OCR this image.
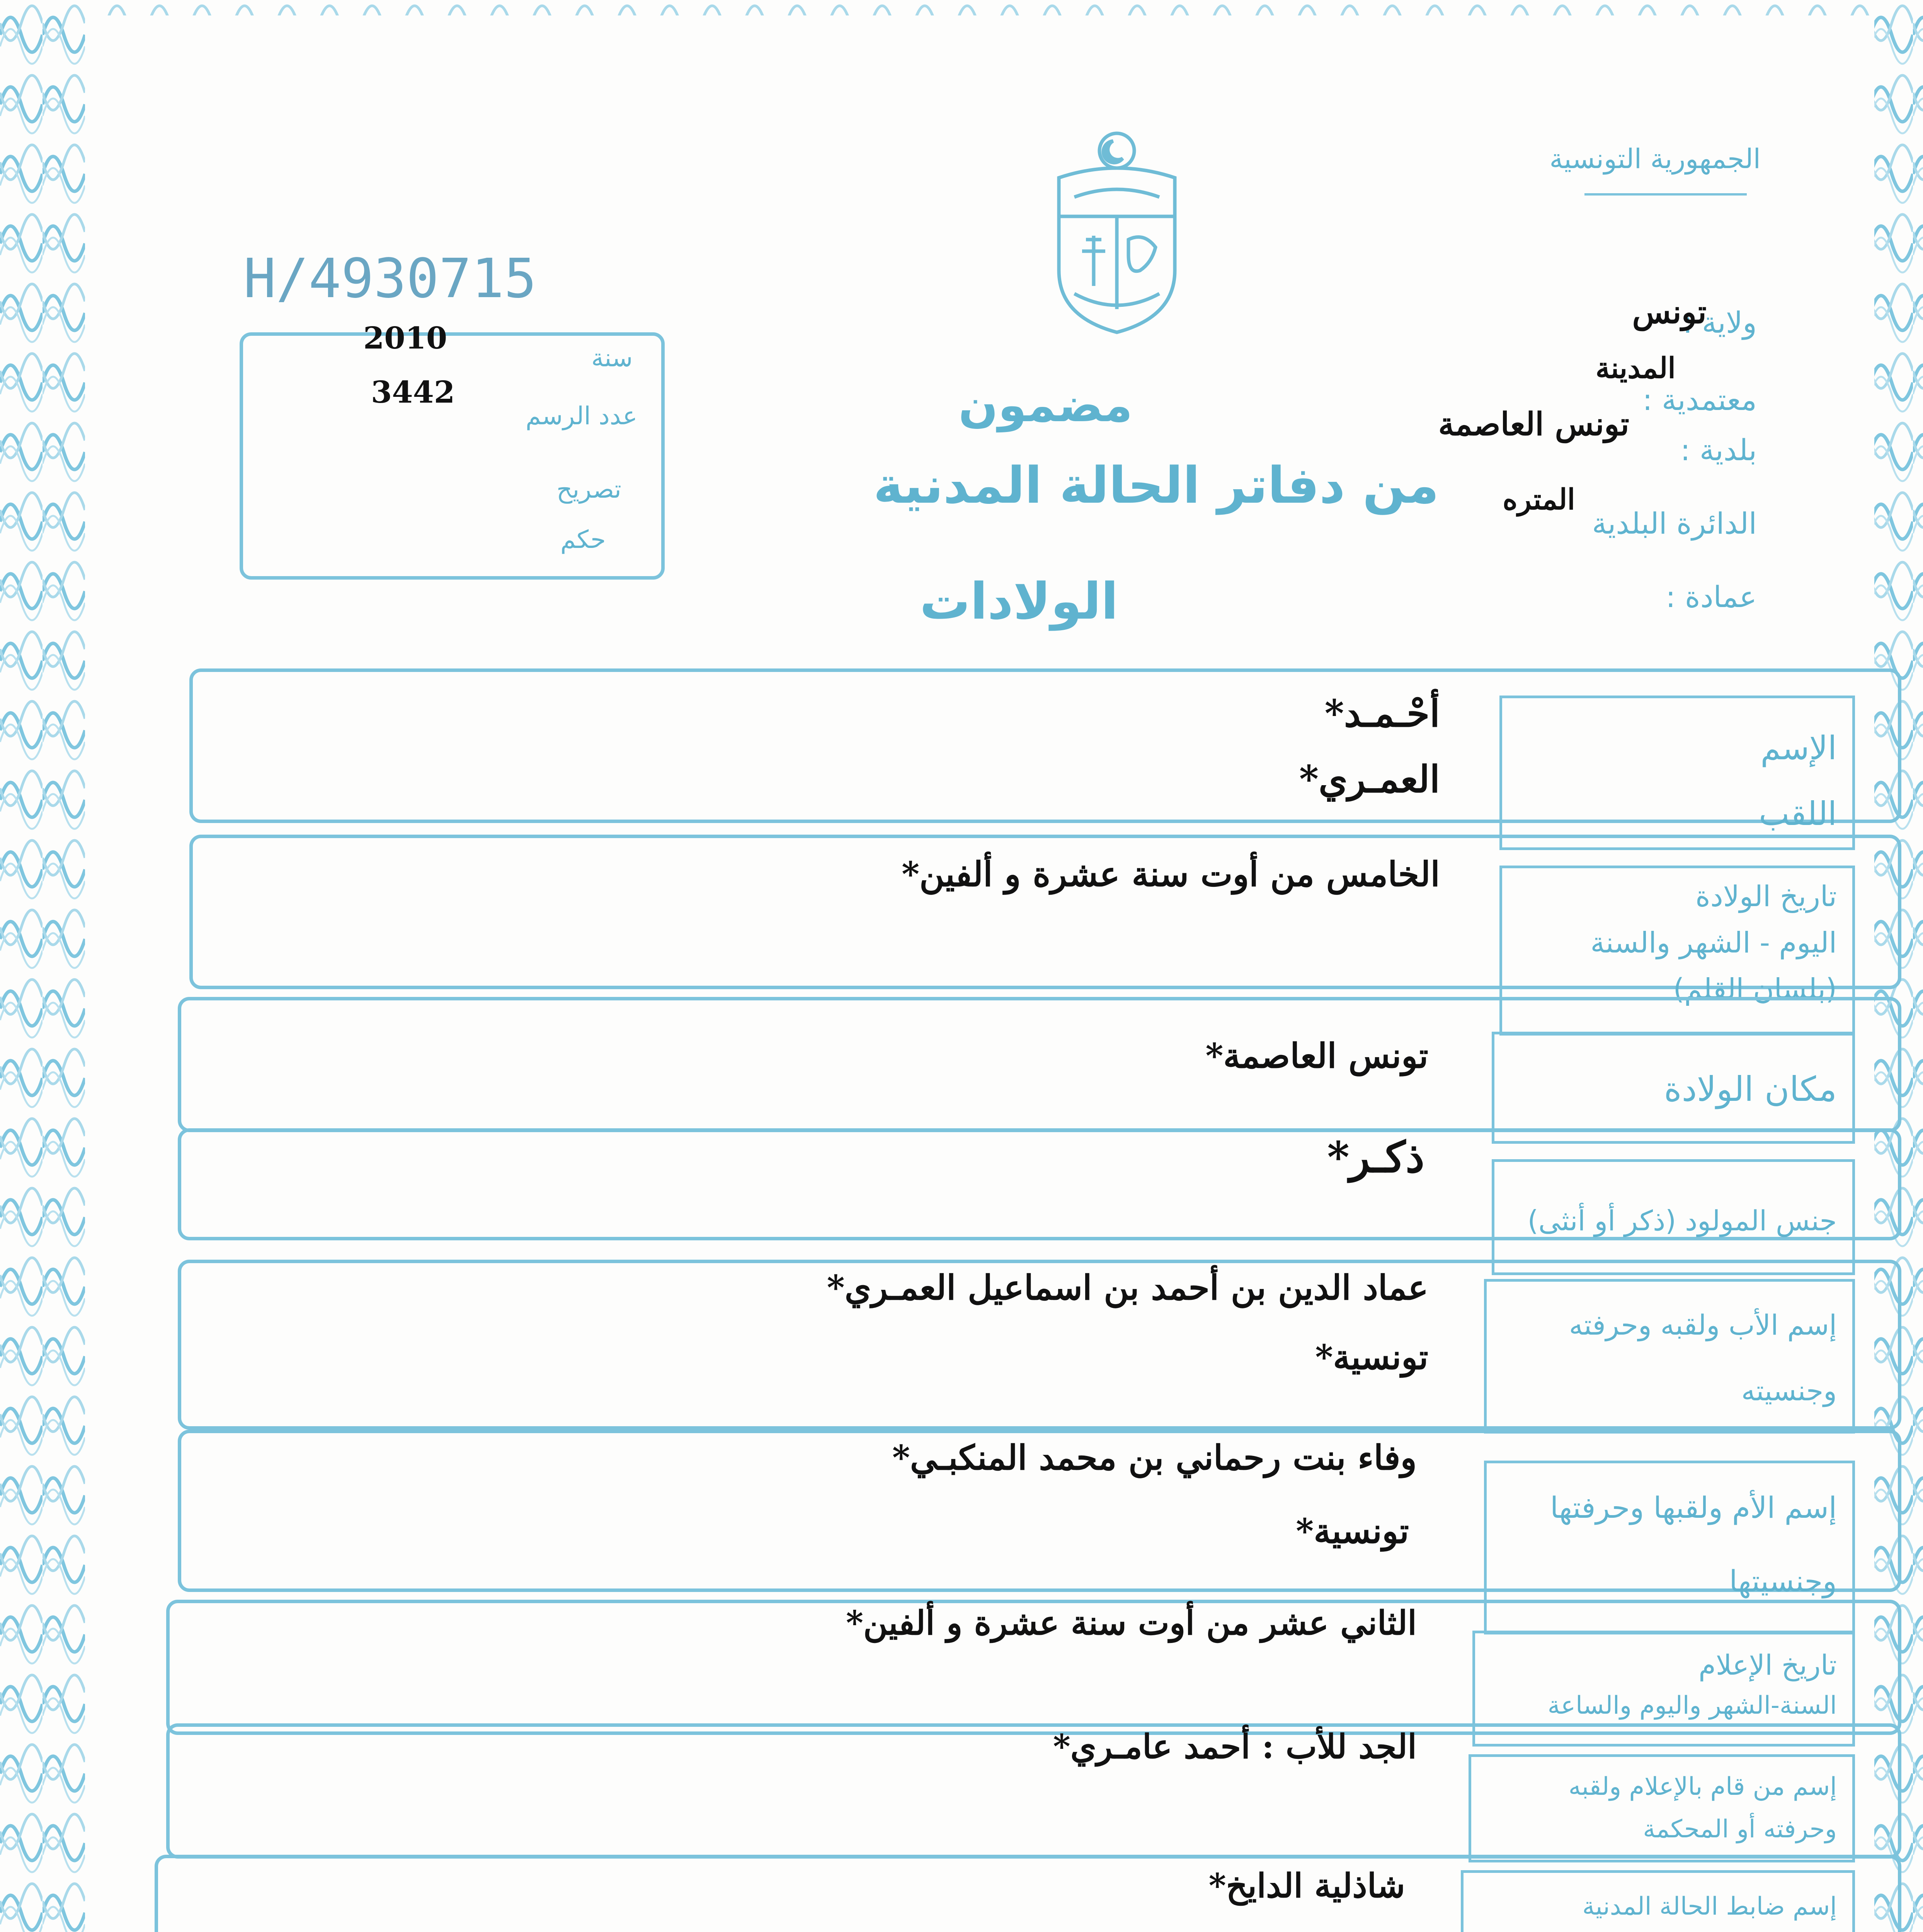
الجمهورية التونسية
H/4930715
2010
3442
سنة
عدد الرسم
تصريح
حكم
مضمون
من دفاتر الحالة المدنية
الولادات
ولاية :
معتمدية :
بلدية :
الدائرة البلدية
عمادة :
تونس
المدينة
تونس العاصمة
المتره
الإسم
اللقب
أحْـمـد*
العمـري*
تاريخ الولادة
اليوم - الشهر والسنة
(بلسان القلم)
الخامس من أوت سنة عشرة و ألفين*
مكان الولادة
تونس العاصمة*
جنس المولود (ذكر أو أنثى)
ذكـر*
إسم الأب ولقبه وحرفته
وجنسيته
عماد الدين بن أحمد بن اسماعيل العمـري*
تونسية*
إسم الأم ولقبها وحرفتها
وجنسيتها
وفاء بنت رحماني بن محمد المنكبـي*
تونسية*
تاريخ الإعلام
السنة-الشهر واليوم والساعة
الثاني عشر من أوت سنة عشرة و ألفين*
إسم من قام بالإعلام ولقبه
وحرفته أو المحكمة
الجد للأب : أحمد عامـري*
إسم ضابط الحالة المدنية
شاذلية الدايخ*
